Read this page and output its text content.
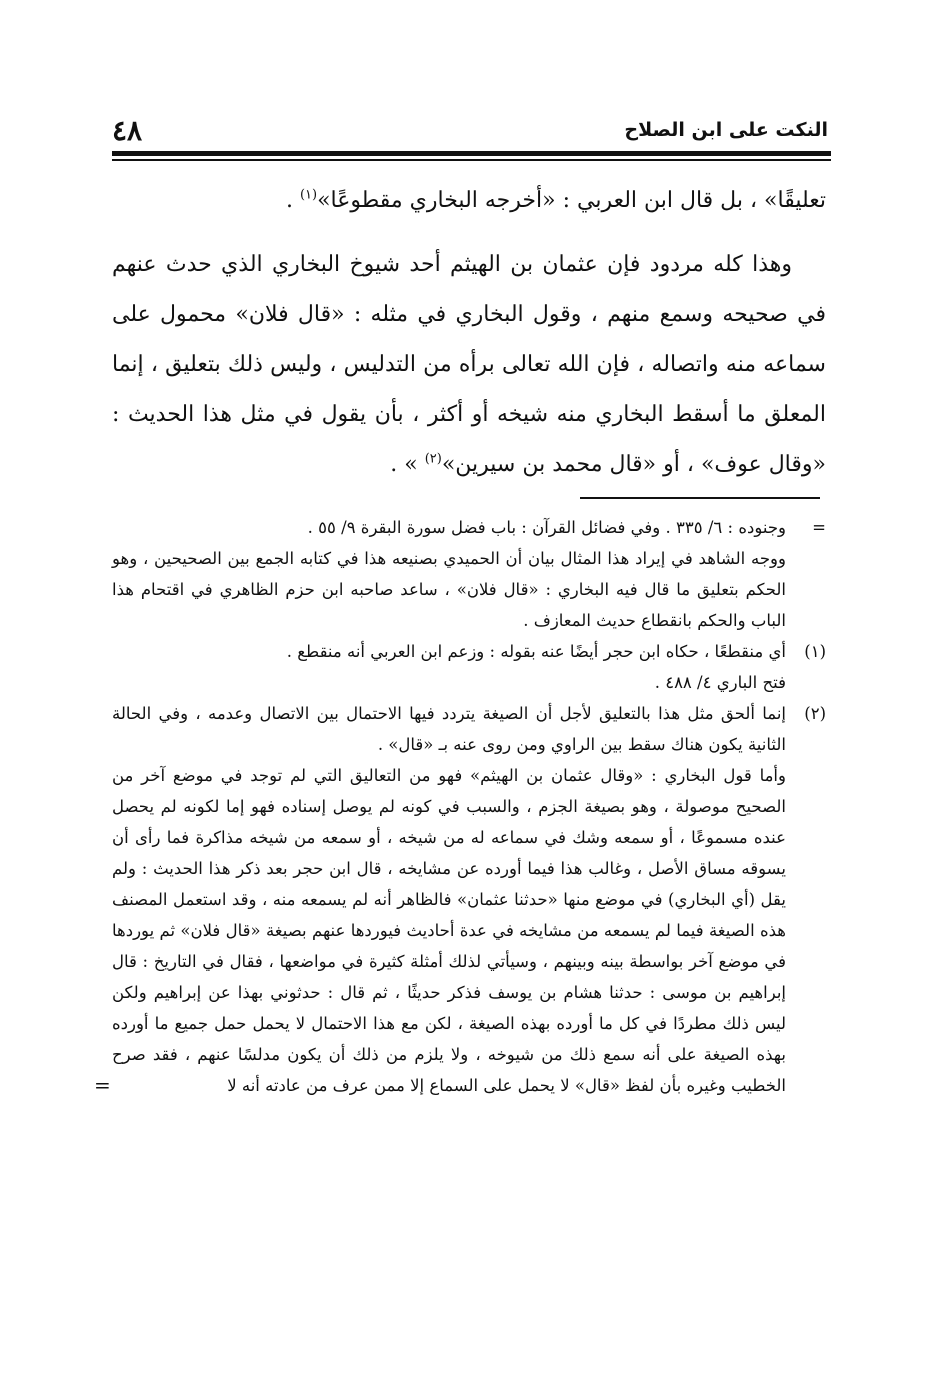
٤٨	النكت على ابن الصلاح

تعليقًا» ، بل قال ابن العربي : «أخرجه البخاري مقطوعًا»$^{(١)}$ .

وهذا كله مردود فإن عثمان بن الهيثم أحد شيوخ البخاري الذي حدث عنهم في صحيحه وسمع منهم ، وقول البخاري في مثله : «قال فلان» محمول على سماعه منه واتصاله ، فإن الله تعالى برأه من التدليس ، وليس ذلك بتعليق ، إنما المعلق ما أسقط البخاري منه شيخه أو أكثر ، بأن يقول في مثل هذا الحديث : «وقال عوف» ، أو «قال محمد بن سيرين»$^{(٢)}$ » .

=

وجنوده : ٦/ ٣٣٥ . وفي فضائل القرآن : باب فضل سورة البقرة ٩/ ٥٥ .

ووجه الشاهد في إيراد هذا المثال بيان أن الحميدي بصنيعه هذا في كتابه الجمع بين الصحيحين ، وهو الحكم بتعليق ما قال فيه البخاري : «قال فلان» ، ساعد صاحبه ابن حزم الظاهري في اقتحام هذا الباب والحكم بانقطاع حديث المعازف .

(١)

أي منقطعًا ، حكاه ابن حجر أيضًا عنه بقوله : وزعم ابن العربي أنه منقطع .

فتح الباري ٤/ ٤٨٨ .

(٢)

إنما ألحق مثل هذا بالتعليق لأجل أن الصيغة يتردد فيها الاحتمال بين الاتصال وعدمه ، وفي الحالة الثانية يكون هناك سقط بين الراوي ومن روى عنه بـ «قال» .

وأما قول البخاري : «وقال عثمان بن الهيثم» فهو من التعاليق التي لم توجد في موضع آخر من الصحيح موصولة ، وهو بصيغة الجزم ، والسبب في كونه لم يوصل إسناده فهو إما لكونه لم يحصل عنده مسموعًا ، أو سمعه وشك في سماعه له من شيخه ، أو سمعه من شيخه مذاكرة فما رأى أن يسوقه مساق الأصل ، وغالب هذا فيما أورده عن مشايخه ، قال ابن حجر بعد ذكر هذا الحديث : ولم يقل (أي البخاري) في موضع منها «حدثنا عثمان» فالظاهر أنه لم يسمعه منه ، وقد استعمل المصنف هذه الصيغة فيما لم يسمعه من مشايخه في عدة أحاديث فيوردها عنهم بصيغة «قال فلان» ثم يوردها في موضع آخر بواسطة بينه وبينهم ، وسيأتي لذلك أمثلة كثيرة في مواضعها ، فقال في التاريخ : قال إبراهيم بن موسى : حدثنا هشام بن يوسف فذكر حديثًا ، ثم قال : حدثوني بهذا عن إبراهيم ولكن ليس ذلك مطردًا في كل ما أورده بهذه الصيغة ، لكن مع هذا الاحتمال لا يحمل حمل جميع ما أورده بهذه الصيغة على أنه سمع ذلك من شيوخه ، ولا يلزم من ذلك أن يكون مدلسًا عنهم ، فقد صرح الخطيب وغيره بأن لفظ «قال» لا يحمل على السماع إلا ممن عرف من عادته أنه لا

=
